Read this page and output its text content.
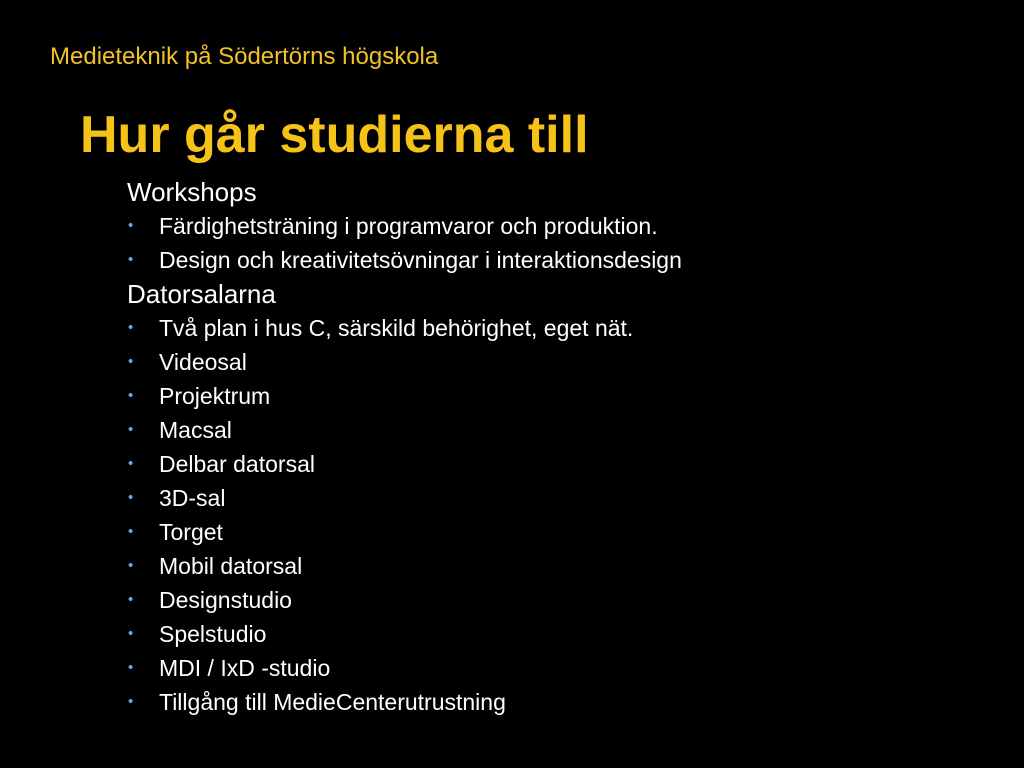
Medieteknik på Södertörns högskola
Hur går studierna till
Workshops
• Färdighetsträning i programvaror och produktion.
• Design och kreativitetsövningar i interaktionsdesign
Datorsalarna
• Två plan i hus C, särskild behörighet, eget nät.
• Videosal
• Projektrum
• Macsal
• Delbar datorsal
• 3D-sal
• Torget
• Mobil datorsal
• Designstudio
• Spelstudio
• MDI / IxD -studio
• Tillgång till MedieCenterutrustning
